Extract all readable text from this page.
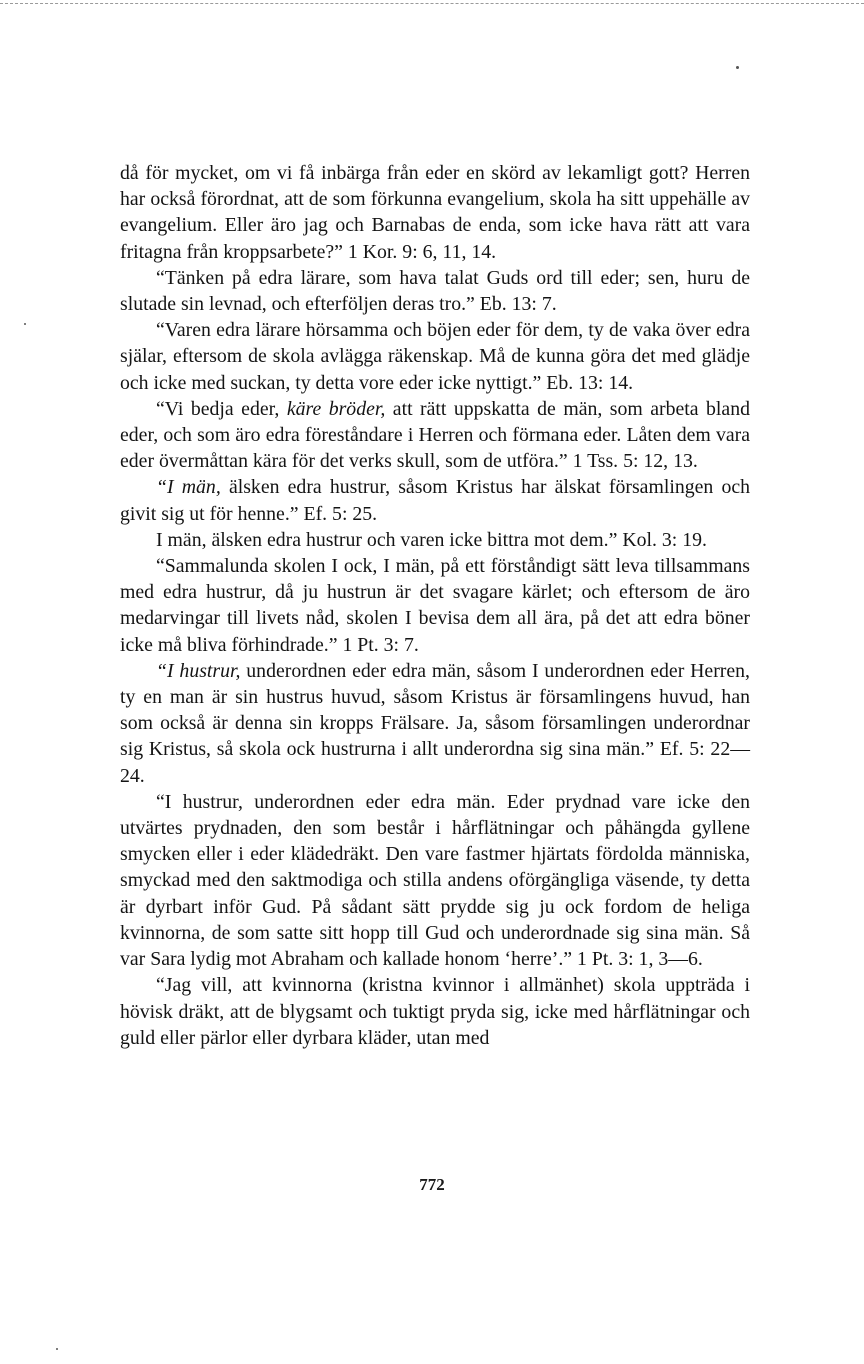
då för mycket, om vi få inbärga från eder en skörd av lekamligt gott? Herren har också förordnat, att de som förkunna evangelium, skola ha sitt uppehälle av evangelium. Eller äro jag och Barnabas de enda, som icke hava rätt att vara fritagna från kroppsarbete?” 1 Kor. 9: 6, 11, 14.

“Tänken på edra lärare, som hava talat Guds ord till eder; sen, huru de slutade sin levnad, och efterföljen deras tro.” Eb. 13: 7.

“Varen edra lärare hörsamma och böjen eder för dem, ty de vaka över edra själar, eftersom de skola avlägga räkenskap. Må de kunna göra det med glädje och icke med suckan, ty detta vore eder icke nyttigt.” Eb. 13: 14.

“Vi bedja eder, käre bröder, att rätt uppskatta de män, som arbeta bland eder, och som äro edra föreståndare i Herren och förmana eder. Låten dem vara eder övermåttan kära för det verks skull, som de utföra.” 1 Tss. 5: 12, 13.

“I män, älsken edra hustrur, såsom Kristus har älskat församlingen och givit sig ut för henne.” Ef. 5: 25.

I män, älsken edra hustrur och varen icke bittra mot dem.” Kol. 3: 19.

“Sammalunda skolen I ock, I män, på ett förståndigt sätt leva tillsammans med edra hustrur, då ju hustrun är det svagare kärlet; och eftersom de äro medarvingar till livets nåd, skolen I bevisa dem all ära, på det att edra böner icke må bliva förhindrade.” 1 Pt. 3: 7.

“I hustrur, underordnen eder edra män, såsom I underordnen eder Herren, ty en man är sin hustrus huvud, såsom Kristus är församlingens huvud, han som också är denna sin kropps Frälsare. Ja, såsom församlingen underordnar sig Kristus, så skola ock hustrurna i allt underordna sig sina män.” Ef. 5: 22—24.

“I hustrur, underordnen eder edra män. Eder prydnad vare icke den utvärtes prydnaden, den som består i hårflätningar och påhängda gyllene smycken eller i eder klädedräkt. Den vare fastmer hjärtats fördolda människa, smyckad med den saktmodiga och stilla andens oförgängliga väsende, ty detta är dyrbart inför Gud. På sådant sätt prydde sig ju ock fordom de heliga kvinnorna, de som satte sitt hopp till Gud och underordnade sig sina män. Så var Sara lydig mot Abraham och kallade honom ‘herre’.” 1 Pt. 3: 1, 3—6.

“Jag vill, att kvinnorna (kristna kvinnor i allmänhet) skola uppträda i hövisk dräkt, att de blygsamt och tuktigt pryda sig, icke med hårflätningar och guld eller pärlor eller dyrbara kläder, utan med

772
